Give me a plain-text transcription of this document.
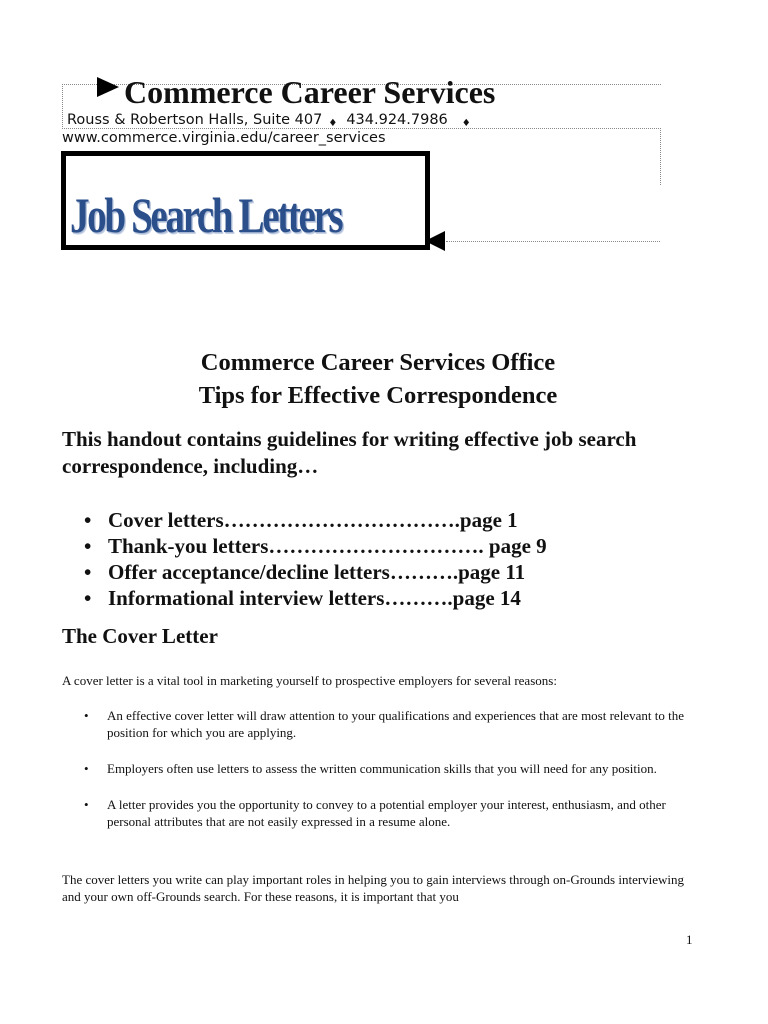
Commerce Career Services
Rouss & Robertson Halls, Suite 407 ♦ 434.924.7986 ♦
www.commerce.virginia.edu/career_services
Job Search Letters
Commerce Career Services Office
Tips for Effective Correspondence
This handout contains guidelines for writing effective job search correspondence, including…
• Cover letters…………………………….page 1
• Thank-you letters…………………………. page 9
• Offer acceptance/decline letters……….page 11
• Informational interview letters……….page 14
The Cover Letter
A cover letter is a vital tool in marketing yourself to prospective employers for several reasons:
• An effective cover letter will draw attention to your qualifications and experiences that are most relevant to the position for which you are applying.
• Employers often use letters to assess the written communication skills that you will need for any position.
• A letter provides you the opportunity to convey to a potential employer your interest, enthusiasm, and other personal attributes that are not easily expressed in a resume alone.
The cover letters you write can play important roles in helping you to gain interviews through on-Grounds interviewing and your own off-Grounds search. For these reasons, it is important that you
1
